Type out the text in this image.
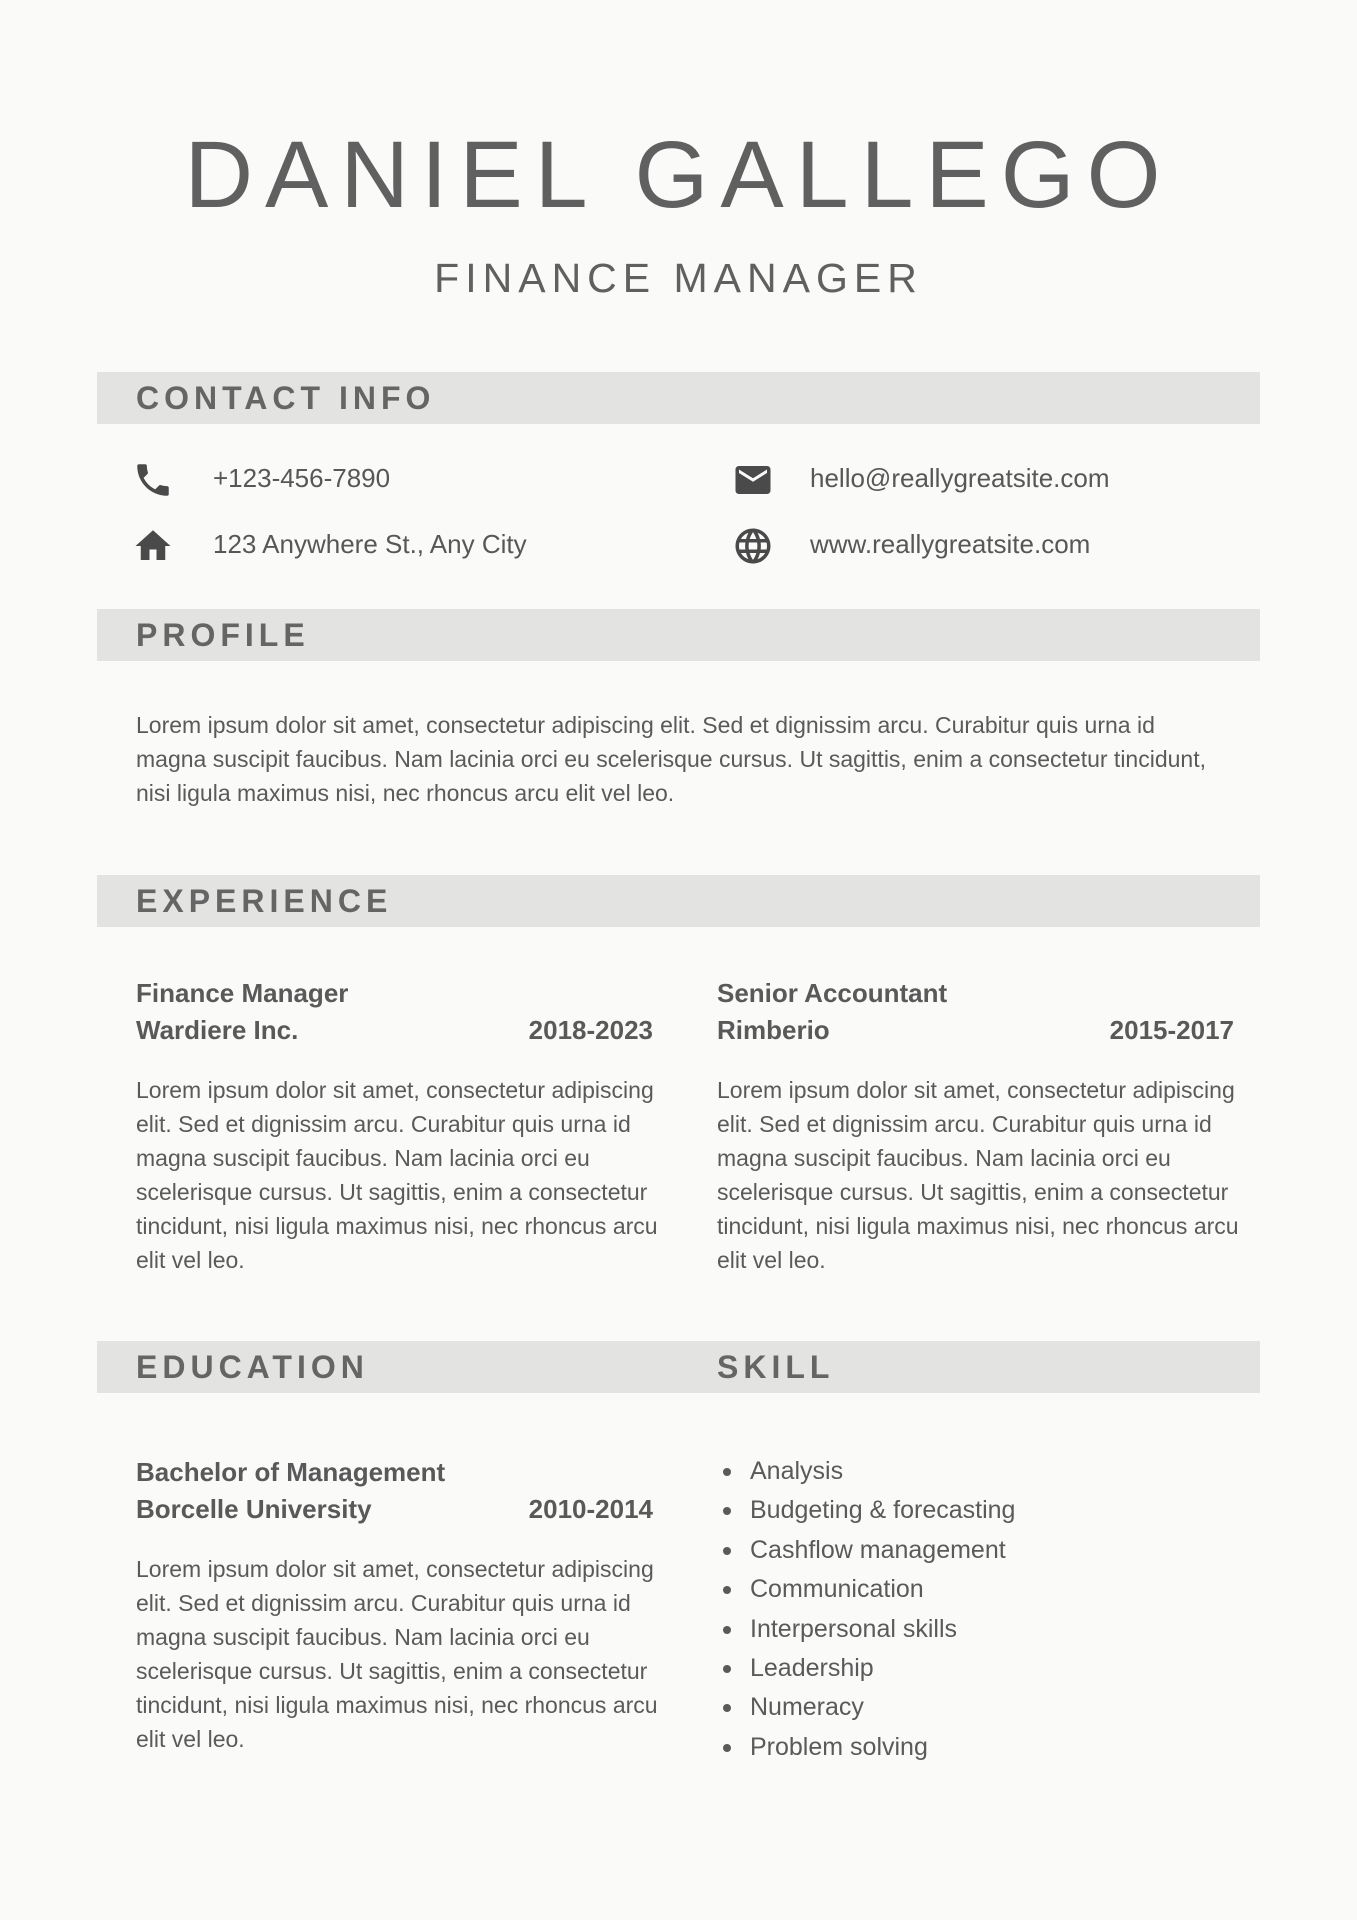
DANIEL GALLEGO
FINANCE MANAGER
CONTACT INFO
+123-456-7890
123 Anywhere St., Any City
hello@reallygreatsite.com
www.reallygreatsite.com
PROFILE
Lorem ipsum dolor sit amet, consectetur adipiscing elit. Sed et dignissim arcu. Curabitur quis urna id magna suscipit faucibus. Nam lacinia orci eu scelerisque cursus. Ut sagittis, enim a consectetur tincidunt, nisi ligula maximus nisi, nec rhoncus arcu elit vel leo.
EXPERIENCE
Finance Manager
Wardiere Inc.	2018-2023
Lorem ipsum dolor sit amet, consectetur adipiscing elit. Sed et dignissim arcu. Curabitur quis urna id magna suscipit faucibus. Nam lacinia orci eu scelerisque cursus. Ut sagittis, enim a consectetur tincidunt, nisi ligula maximus nisi, nec rhoncus arcu elit vel leo.
Senior Accountant
Rimberio	2015-2017
Lorem ipsum dolor sit amet, consectetur adipiscing elit. Sed et dignissim arcu. Curabitur quis urna id magna suscipit faucibus. Nam lacinia orci eu scelerisque cursus. Ut sagittis, enim a consectetur tincidunt, nisi ligula maximus nisi, nec rhoncus arcu elit vel leo.
EDUCATION	SKILL
Bachelor of Management
Borcelle University	2010-2014
Lorem ipsum dolor sit amet, consectetur adipiscing elit. Sed et dignissim arcu. Curabitur quis urna id magna suscipit faucibus. Nam lacinia orci eu scelerisque cursus. Ut sagittis, enim a consectetur tincidunt, nisi ligula maximus nisi, nec rhoncus arcu elit vel leo.
Analysis
Budgeting & forecasting
Cashflow management
Communication
Interpersonal skills
Leadership
Numeracy
Problem solving
